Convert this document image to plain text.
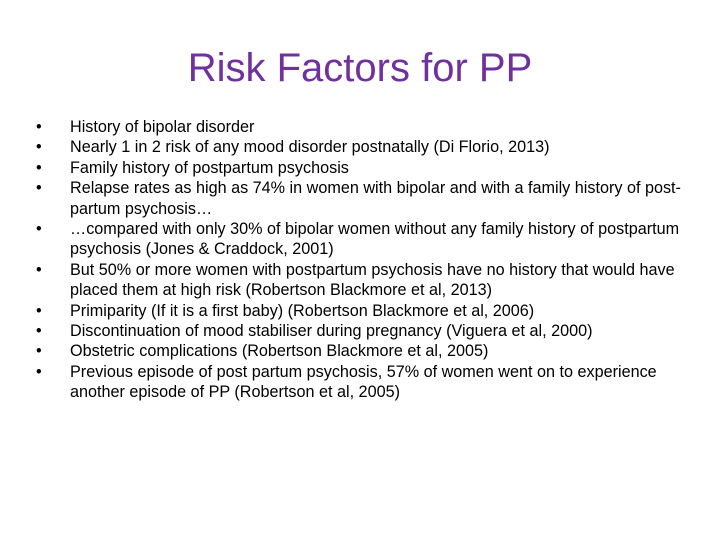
Risk Factors for PP
•	History of bipolar disorder
•	Nearly 1 in 2 risk of any mood disorder postnatally (Di Florio, 2013)
•	Family history of postpartum psychosis
•	Relapse rates as high as 74% in women with bipolar and with a family history of post-partum psychosis…
•	…compared with only 30% of bipolar women without any family history of postpartum psychosis (Jones & Craddock, 2001)
•	But 50% or more women with postpartum psychosis have no history that would have placed them at high risk (Robertson Blackmore et al, 2013)
•	Primiparity (If it is a first baby) (Robertson Blackmore et al, 2006)
•	Discontinuation of mood stabiliser during pregnancy (Viguera et al, 2000)
•	Obstetric complications (Robertson Blackmore et al, 2005)
•	Previous episode of post partum psychosis, 57% of women went on to experience another episode of PP (Robertson et al, 2005)
